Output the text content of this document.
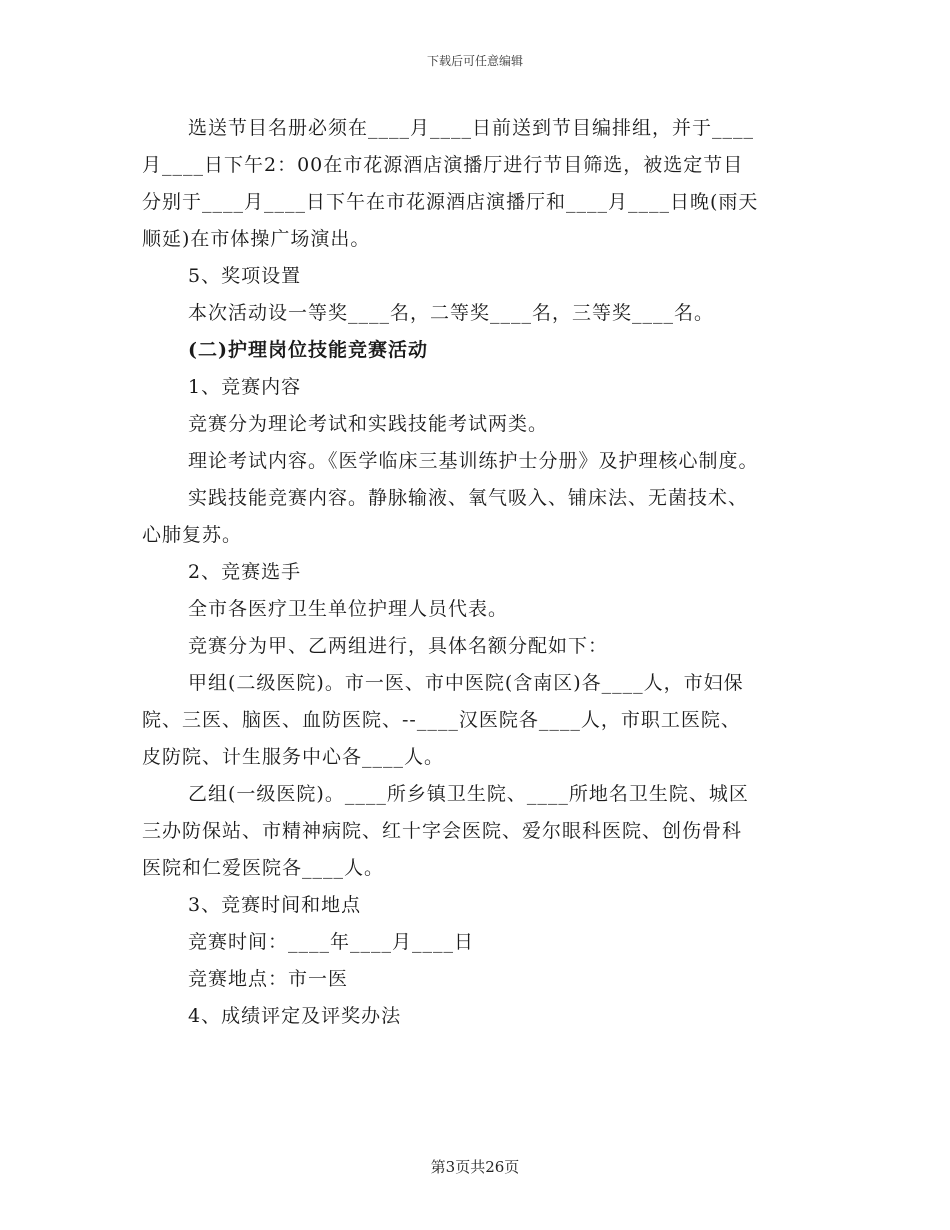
下载后可任意编辑
选送节目名册必须在____月____日前送到节目编排组，并于____
月____日下午2：00在市花源酒店演播厅进行节目筛选，被选定节目
分别于____月____日下午在市花源酒店演播厅和____月____日晚(雨天
顺延)在市体操广场演出。
5、奖项设置
本次活动设一等奖____名，二等奖____名，三等奖____名。
(二)护理岗位技能竞赛活动
1、竞赛内容
竞赛分为理论考试和实践技能考试两类。
理论考试内容。《医学临床三基训练护士分册》及护理核心制度。
实践技能竞赛内容。静脉输液、氧气吸入、铺床法、无菌技术、
心肺复苏。
2、竞赛选手
全市各医疗卫生单位护理人员代表。
竞赛分为甲、乙两组进行，具体名额分配如下：
甲组(二级医院)。市一医、市中医院(含南区)各____人，市妇保
院、三医、脑医、血防医院、--____汉医院各____人，市职工医院、
皮防院、计生服务中心各____人。
乙组(一级医院)。____所乡镇卫生院、____所地名卫生院、城区
三办防保站、市精神病院、红十字会医院、爱尔眼科医院、创伤骨科
医院和仁爱医院各____人。
3、竞赛时间和地点
竞赛时间：____年____月____日
竞赛地点：市一医
4、成绩评定及评奖办法
第3页共26页
